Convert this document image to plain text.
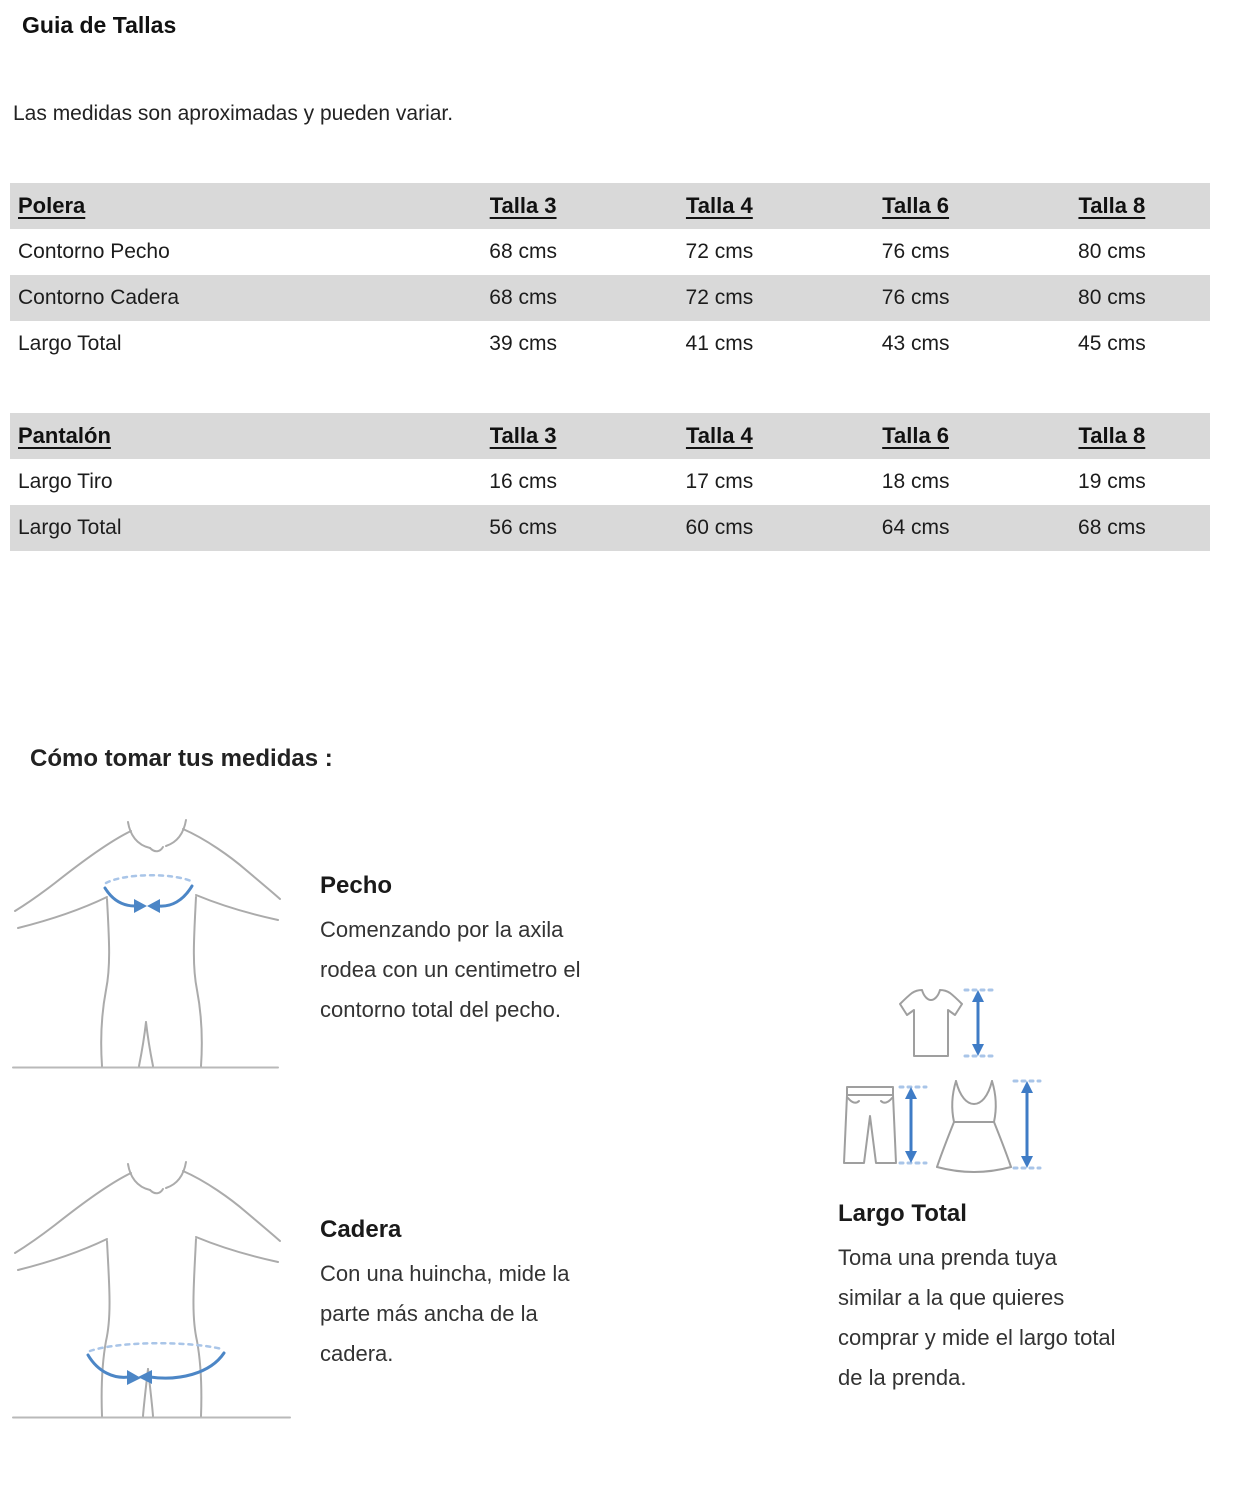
Guia de Tallas
Las medidas son aproximadas y pueden variar.
Polera	Talla 3	Talla 4	Talla 6	Talla 8
Contorno Pecho	68 cms	72 cms	76 cms	80 cms
Contorno Cadera	68 cms	72 cms	76 cms	80 cms
Largo Total	39 cms	41 cms	43 cms	45 cms
Pantalón	Talla 3	Talla 4	Talla 6	Talla 8
Largo Tiro	16 cms	17 cms	18 cms	19 cms
Largo Total	56 cms	60 cms	64 cms	68 cms
Cómo tomar tus medidas :
Pecho
Comenzando por la axila
rodea con un centimetro el
contorno total del pecho.
Cadera
Con una huincha, mide la
parte más ancha de la
cadera.
Largo Total
Toma una prenda tuya
similar a la que quieres
comprar y mide el largo total
de la prenda.
